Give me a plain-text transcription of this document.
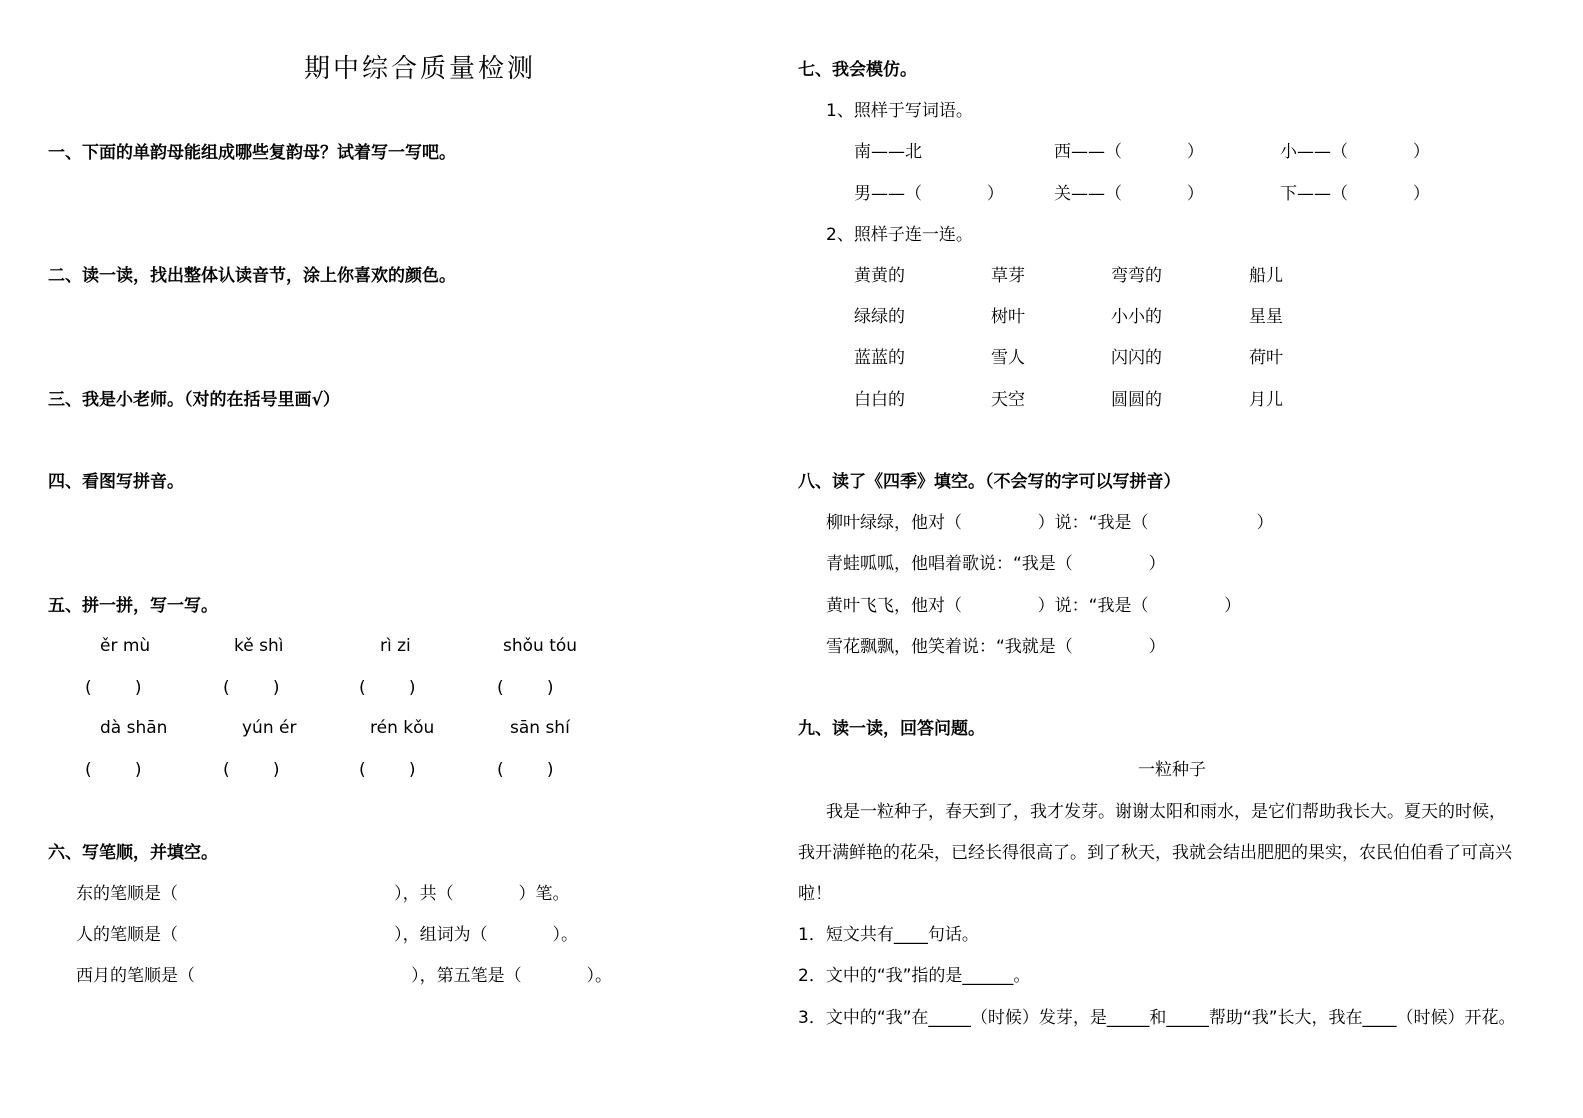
期中综合质量检测
一、下面的单韵母能组成哪些复韵母？试着写一写吧。
二、读一读，找出整体认读音节，涂上你喜欢的颜色。
三、我是小老师。（对的在括号里画√）
四、看图写拼音。
五、拼一拼，写一写。
ěr mù	kě shì	rì zi	shǒu tóu
(        )	(        )	(        )	(        )
dà shān	yún ér	rén kǒu	sān shí
(        )	(        )	(        )	(        )
六、写笔顺，并填空。
东的笔顺是（                                        ），共（            ）笔。
人的笔顺是（                                        ），组词为（            ）。
西月的笔顺是（                                        ），第五笔是（            ）。
七、我会模仿。
1、照样于写词语。
南——北	西——（            ）	小——（            ）
男——（            ）	关——（            ）	下——（            ）
2、照样子连一连。
黄黄的	草芽	弯弯的	船儿
绿绿的	树叶	小小的	星星
蓝蓝的	雪人	闪闪的	荷叶
白白的	天空	圆圆的	月儿
八、读了《四季》填空。（不会写的字可以写拼音）
柳叶绿绿，他对（              ）说：“我是（                    ）
青蛙呱呱，他唱着歌说：“我是（              ）
黄叶飞飞，他对（              ）说：“我是（              ）
雪花飘飘，他笑着说：“我就是（              ）
九、读一读，回答问题。
一粒种子
我是一粒种子，春天到了，我才发芽。谢谢太阳和雨水，是它们帮助我长大。夏天的时候，
我开满鲜艳的花朵，已经长得很高了。到了秋天，我就会结出肥肥的果实，农民伯伯看了可高兴
啦！
1．短文共有____句话。
2．文中的“我”指的是______。
3．文中的“我”在_____（时候）发芽，是_____和_____帮助“我”长大，我在____（时候）开花。
